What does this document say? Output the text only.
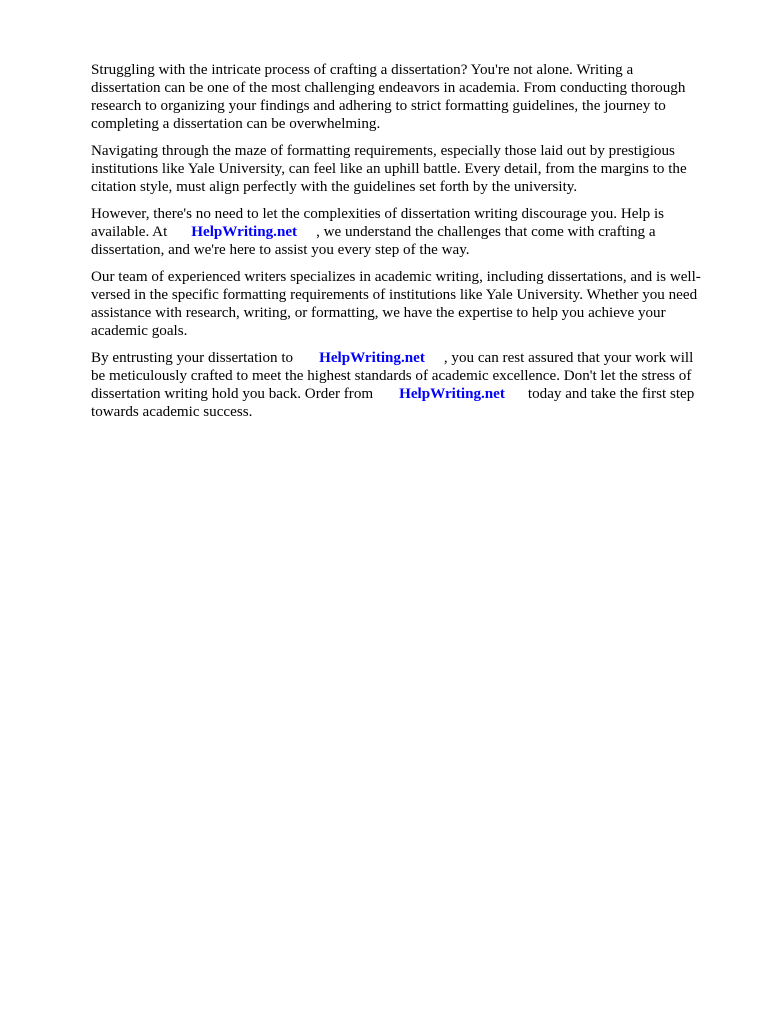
Struggling with the intricate process of crafting a dissertation? You're not alone. Writing a
dissertation can be one of the most challenging endeavors in academia. From conducting thorough
research to organizing your findings and adhering to strict formatting guidelines, the journey to
completing a dissertation can be overwhelming.

Navigating through the maze of formatting requirements, especially those laid out by prestigious
institutions like Yale University, can feel like an uphill battle. Every detail, from the margins to the
citation style, must align perfectly with the guidelines set forth by the university.

However, there's no need to let the complexities of dissertation writing discourage you. Help is
available. At HelpWriting.net , we understand the challenges that come with crafting a
dissertation, and we're here to assist you every step of the way.

Our team of experienced writers specializes in academic writing, including dissertations, and is well-
versed in the specific formatting requirements of institutions like Yale University. Whether you need
assistance with research, writing, or formatting, we have the expertise to help you achieve your
academic goals.

By entrusting your dissertation to HelpWriting.net , you can rest assured that your work will
be meticulously crafted to meet the highest standards of academic excellence. Don't let the stress of
dissertation writing hold you back. Order from HelpWriting.net today and take the first step
towards academic success.
